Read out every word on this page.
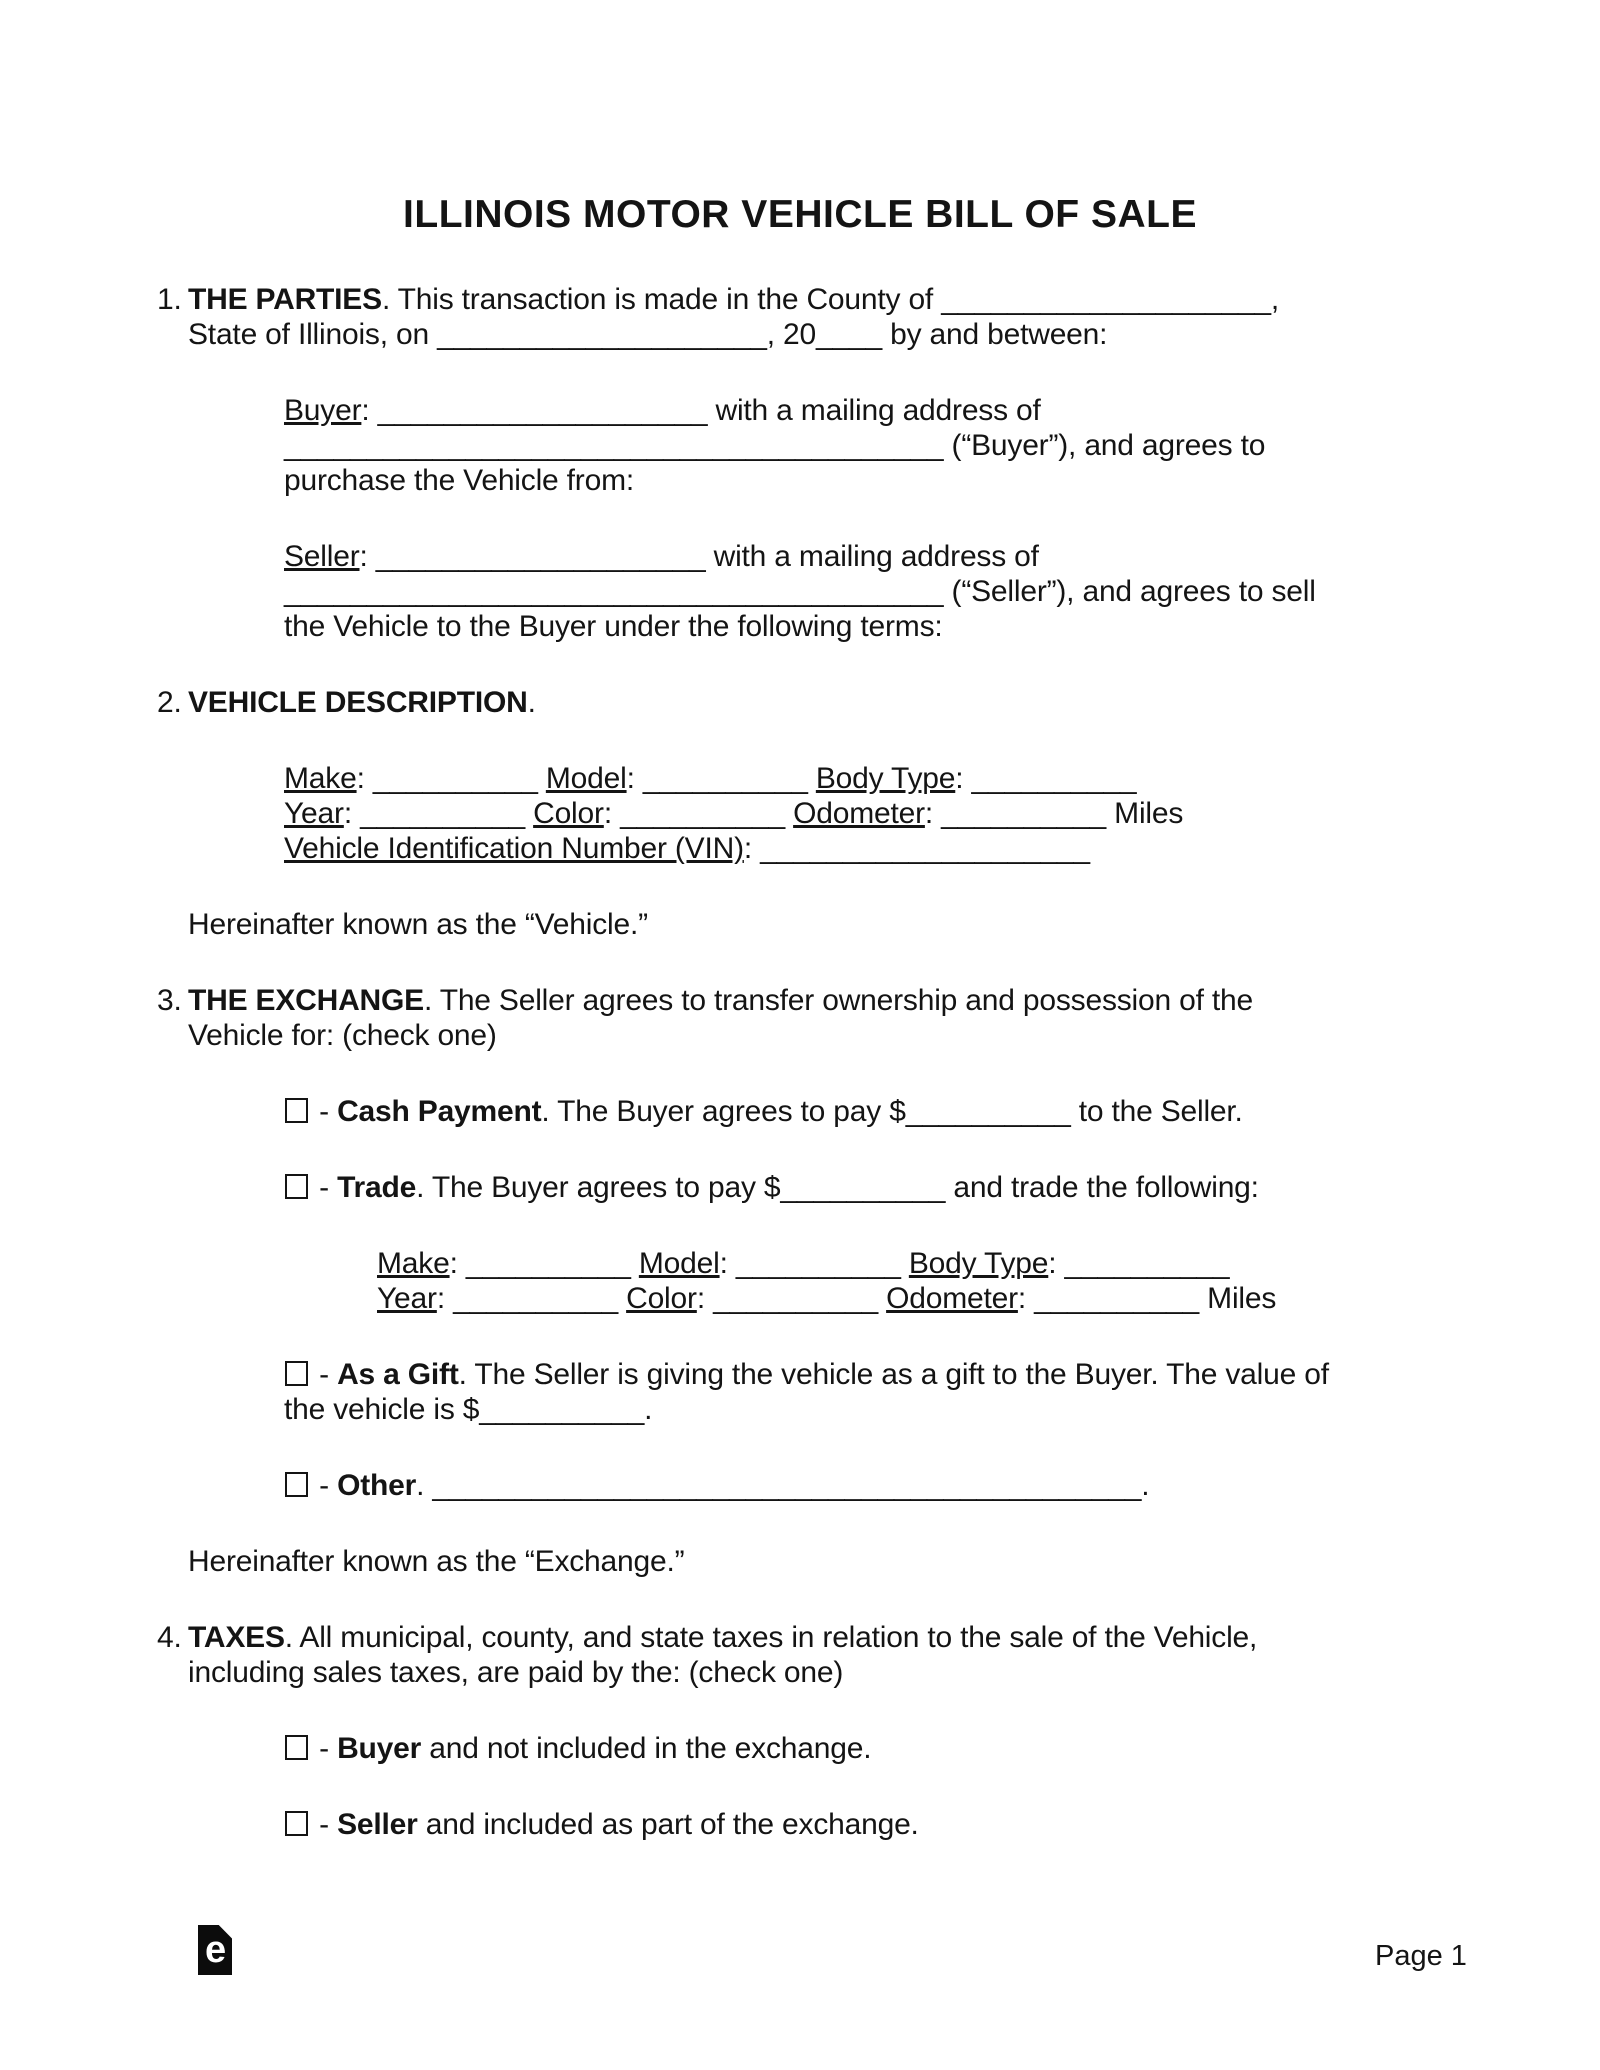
ILLINOIS MOTOR VEHICLE BILL OF SALE
1. THE PARTIES. This transaction is made in the County of ____________________,
State of Illinois, on ____________________, 20____ by and between:
Buyer: ____________________ with a mailing address of
________________________________________ (“Buyer”), and agrees to
purchase the Vehicle from:
Seller: ____________________ with a mailing address of
________________________________________ (“Seller”), and agrees to sell
the Vehicle to the Buyer under the following terms:
2. VEHICLE DESCRIPTION.
Make: __________ Model: __________ Body Type: __________
Year: __________ Color: __________ Odometer: __________ Miles
Vehicle Identification Number (VIN): ____________________
Hereinafter known as the “Vehicle.”
3. THE EXCHANGE. The Seller agrees to transfer ownership and possession of the
Vehicle for: (check one)
- Cash Payment. The Buyer agrees to pay $__________ to the Seller.
- Trade. The Buyer agrees to pay $__________ and trade the following:
Make: __________ Model: __________ Body Type: __________
Year: __________ Color: __________ Odometer: __________ Miles
- As a Gift. The Seller is giving the vehicle as a gift to the Buyer. The value of
the vehicle is $__________.
- Other. ___________________________________________.
Hereinafter known as the “Exchange.”
4. TAXES. All municipal, county, and state taxes in relation to the sale of the Vehicle,
including sales taxes, are paid by the: (check one)
- Buyer and not included in the exchange.
- Seller and included as part of the exchange.
e	Page 1
